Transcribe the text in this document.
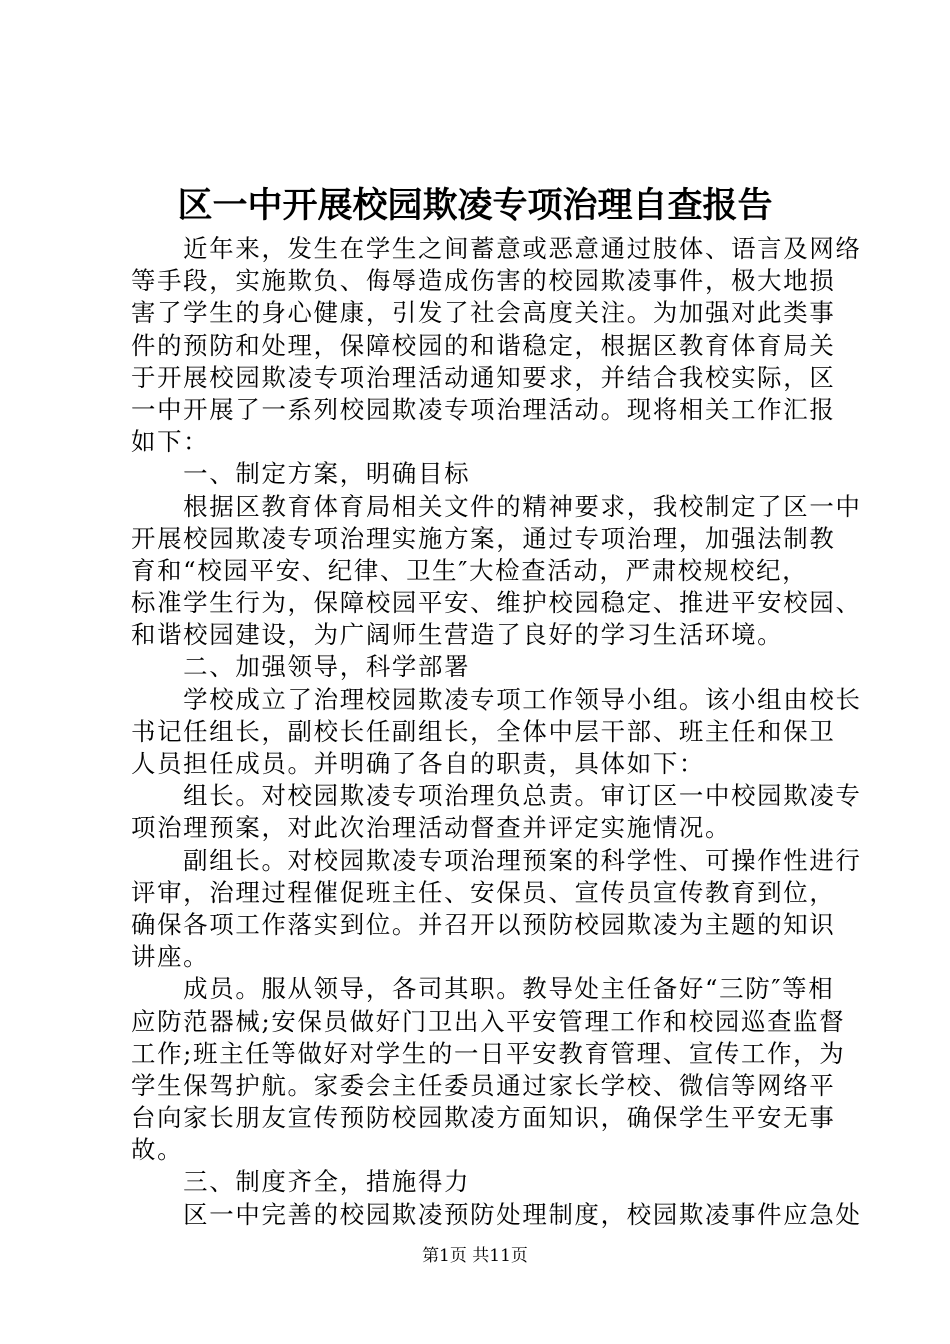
区一中开展校园欺凌专项治理自查报告
　　近年来，发生在学生之间蓄意或恶意通过肢体、语言及网络
等手段，实施欺负、侮辱造成伤害的校园欺凌事件，极大地损
害了学生的身心健康，引发了社会高度关注。为加强对此类事
件的预防和处理，保障校园的和谐稳定，根据区教育体育局关
于开展校园欺凌专项治理活动通知要求，并结合我校实际，区
一中开展了一系列校园欺凌专项治理活动。现将相关工作汇报
如下：
　　一、制定方案，明确目标
　　根据区教育体育局相关文件的精神要求，我校制定了区一中
开展校园欺凌专项治理实施方案，通过专项治理，加强法制教
育和“校园平安、纪律、卫生″大检查活动，严肃校规校纪，
标准学生行为，保障校园平安、维护校园稳定、推进平安校园、
和谐校园建设，为广阔师生营造了良好的学习生活环境。
　　二、加强领导，科学部署
　　学校成立了治理校园欺凌专项工作领导小组。该小组由校长
书记任组长，副校长任副组长，全体中层干部、班主任和保卫
人员担任成员。并明确了各自的职责，具体如下：
　　组长。对校园欺凌专项治理负总责。审订区一中校园欺凌专
项治理预案，对此次治理活动督查并评定实施情况。
　　副组长。对校园欺凌专项治理预案的科学性、可操作性进行
评审，治理过程催促班主任、安保员、宣传员宣传教育到位，
确保各项工作落实到位。并召开以预防校园欺凌为主题的知识
讲座。
　　成员。服从领导，各司其职。教导处主任备好“三防″等相
应防范器械;安保员做好门卫出入平安管理工作和校园巡查监督
工作;班主任等做好对学生的一日平安教育管理、宣传工作，为
学生保驾护航。家委会主任委员通过家长学校、微信等网络平
台向家长朋友宣传预防校园欺凌方面知识，确保学生平安无事
故。
　　三、制度齐全，措施得力
　　区一中完善的校园欺凌预防处理制度，校园欺凌事件应急处
第1页 共11页
